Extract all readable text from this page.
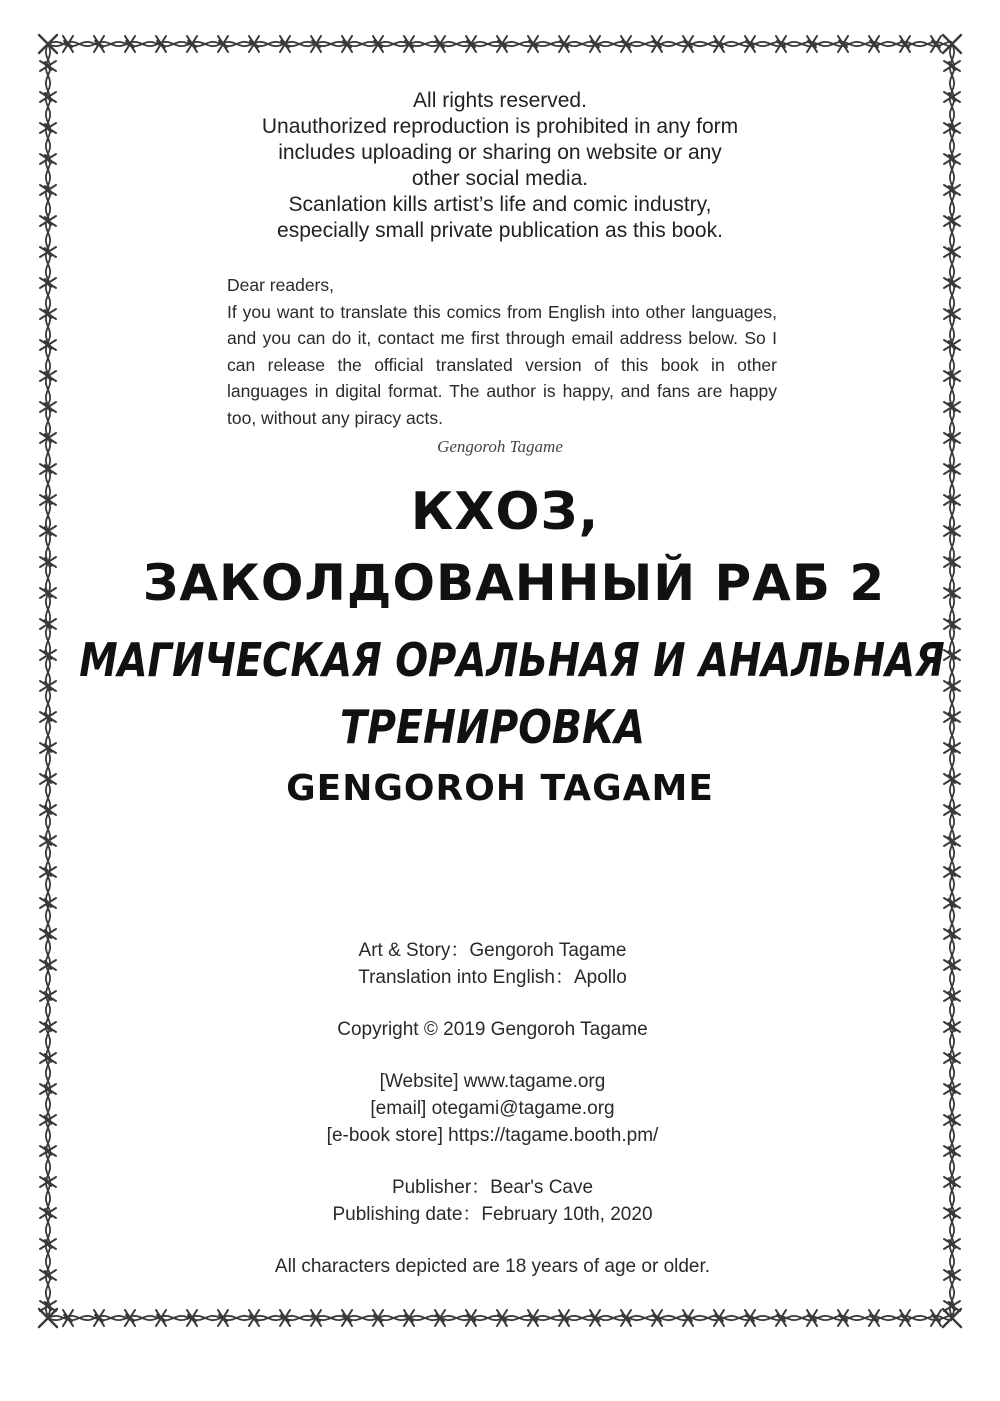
All rights reserved.
Unauthorized reproduction is prohibited in any form
includes uploading or sharing on website or any
other social media.
Scanlation kills artist’s life and comic industry,
especially small private publication as this book.
Dear readers,
If you want to translate this comics from English into other languages, and you can do it, contact me first through email address below. So I can release the official translated version of this book in other languages in digital format. The author is happy, and fans are happy too, without any piracy acts.
Gengoroh Tagame
КХОЗ,
ЗАКОЛДОВАННЫЙ РАБ 2
МАГИЧЕСКАЯ ОРАЛЬНАЯ И АНАЛЬНАЯ
ТРЕНИРОВКА
GENGOROH TAGAME
Art & Story：Gengoroh Tagame
Translation into English：Apollo
Copyright © 2019 Gengoroh Tagame
[Website] www.tagame.org
[email] otegami@tagame.org
[e-book store] https://tagame.booth.pm/
Publisher：Bear's Cave
Publishing date：February 10th, 2020
All characters depicted are 18 years of age or older.
